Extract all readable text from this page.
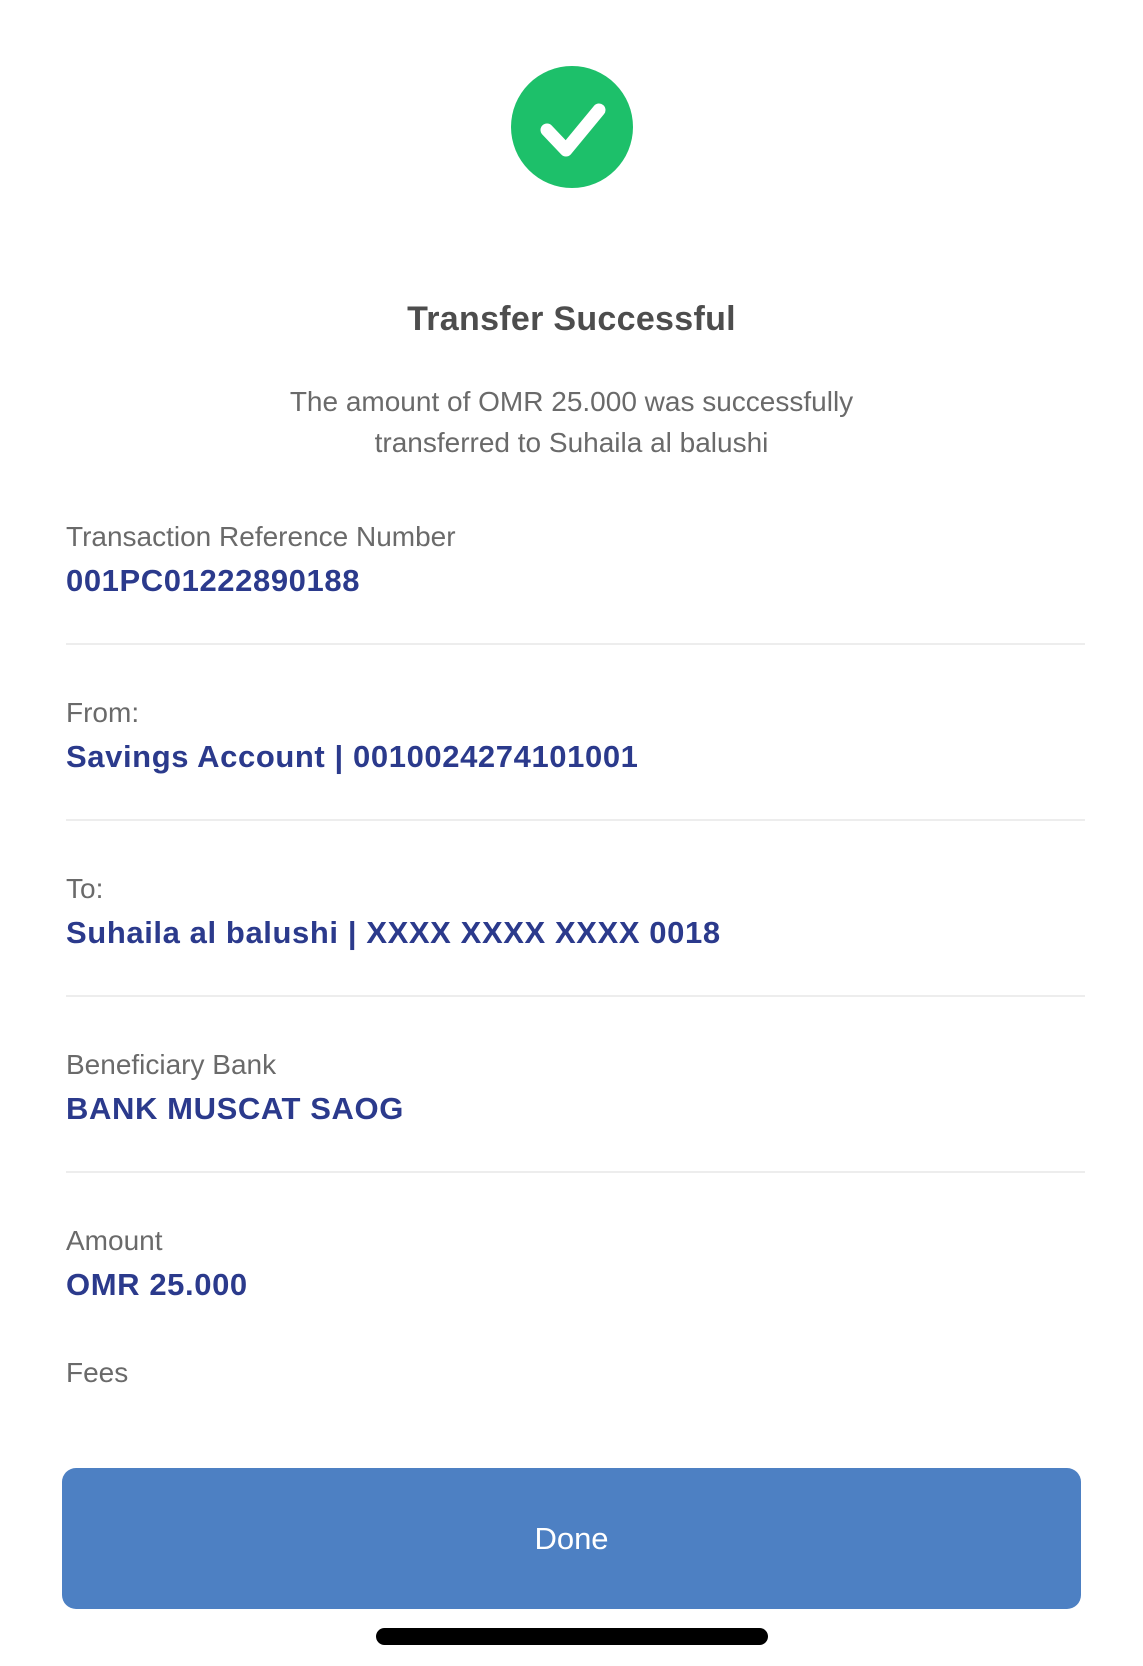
Transfer Successful
The amount of OMR 25.000 was successfully transferred to Suhaila al balushi
Transaction Reference Number
001PC01222890188
From:
Savings Account | 0010024274101001
To:
Suhaila al balushi | XXXX XXXX XXXX 0018
Beneficiary Bank
BANK MUSCAT SAOG
Amount
OMR 25.000
Fees
Done
